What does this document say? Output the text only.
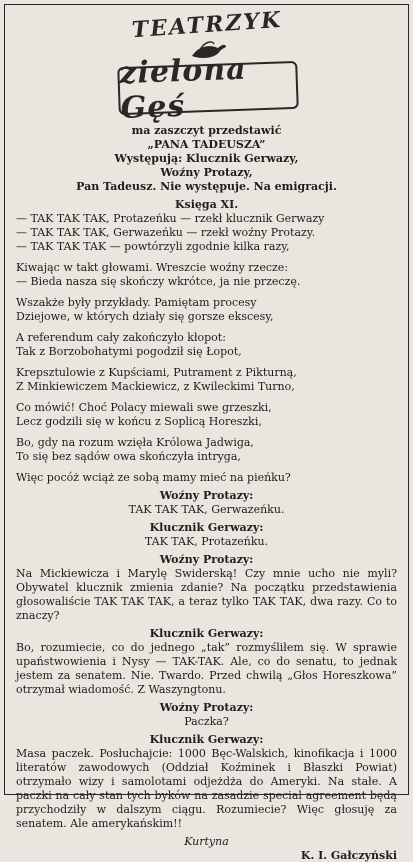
TEATRZYK
zielona Gęś
ma zaszczyt przedstawić
„PANA TADEUSZA”
Występują: Klucznik Gerwazy,
Woźny Protazy,
Pan Tadeusz. Nie występuje. Na emigracji.
Księga XI.
— TAK TAK TAK, Protazeńku — rzekł klucznik Gerwazy
— TAK TAK TAK, Gerwazeńku — rzekł woźny Protazy.
— TAK TAK TAK — powtórzyli zgodnie kilka razy,
Kiwając w takt głowami. Wreszcie woźny rzecze:
— Bieda nasza się skończy wkrótce, ja nie przeczę.
Wszakże były przykłady. Pamiętam procesy
Dziejowe, w których działy się gorsze ekscesy,
A referendum cały zakończyło kłopot:
Tak z Borzobohatymi pogodził się Łopot,
Krepsztulowie z Kupściami, Putrament z Pikturną,
Z Minkiewiczem Mackiewicz, z Kwileckimi Turno,
Co mówić! Choć Polacy miewali swe grzeszki,
Lecz godzili się w końcu z Soplicą Horeszki,
Bo, gdy na rozum wzięła Królowa Jadwiga,
To się bez sądów owa skończyła intryga,
Więc pocóż wciąż ze sobą mamy mieć na pieńku?
Woźny Protazy:
TAK TAK TAK, Gerwazeńku.
Klucznik Gerwazy:
TAK TAK, Protazeńku.
Woźny Protazy:
Na Mickiewicza i Marylę Swiderską! Czy mnie ucho nie myli? Obywatel klucznik zmienia zdanie? Na początku przedstawienia głosowaliście TAK TAK TAK, a teraz tylko TAK TAK, dwa razy. Co to znaczy?
Klucznik Gerwazy:
Bo, rozumiecie, co do jednego „tak” rozmyśliłem się. W sprawie upaństwowienia i Nysy — TAK-TAK. Ale, co do senatu, to jednak jestem za senatem. Nie. Twardo. Przed chwilą „Głos Horeszkowa” otrzymał wiadomość. Z Waszyngtonu.
Woźny Protazy:
Paczka?
Klucznik Gerwazy:
Masa paczek. Posłuchajcie: 1000 Bęc-Walskich, kinofikacja i 1000 literatów zawodowych (Oddział Koźminek i Błaszki Powiat) otrzymało wizy i samolotami odjeżdża do Ameryki. Na stałe. A paczki na cały stan tych byków na zasadzie special agreement będą przychodziły w dalszym ciągu. Rozumiecie? Więc głosuję za senatem. Ale amerykańskim!!
Kurtyna
K. I. Gałczyński
